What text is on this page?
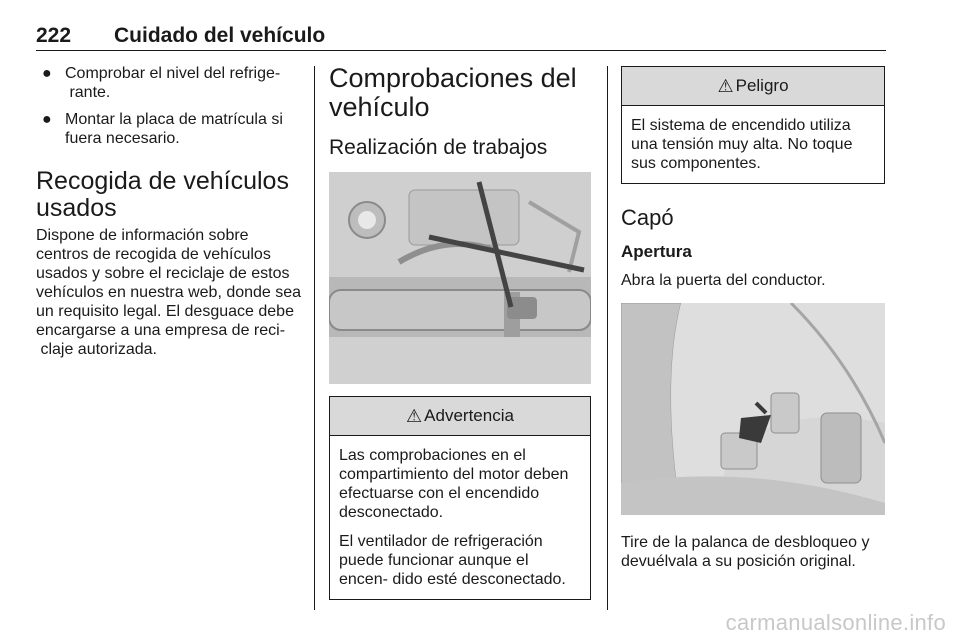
222 Cuidado del vehículo
● Comprobar el nivel del refrige- rante.
● Montar la placa de matrícula si fuera necesario.
Recogida de vehículos
usados

Dispone de información sobre centros de recogida de vehículos usados y sobre el reciclaje de estos vehículos en nuestra web, donde sea un requisito legal. El desguace debe encargarse a una empresa de reci- claje autorizada.

Comprobaciones del
vehículo
Realización de trabajos
⚠ Advertencia

Las comprobaciones en el compartimiento del motor deben efectuarse con el encendido desconectado.

El ventilador de refrigeración puede funcionar aunque el encen- dido esté desconectado.

⚠ Peligro

El sistema de encendido utiliza una tensión muy alta. No toque sus componentes.

Capó
Apertura

Abra la puerta del conductor.

Tire de la palanca de desbloqueo y devuélvala a su posición original.

carmanualsonline.info
